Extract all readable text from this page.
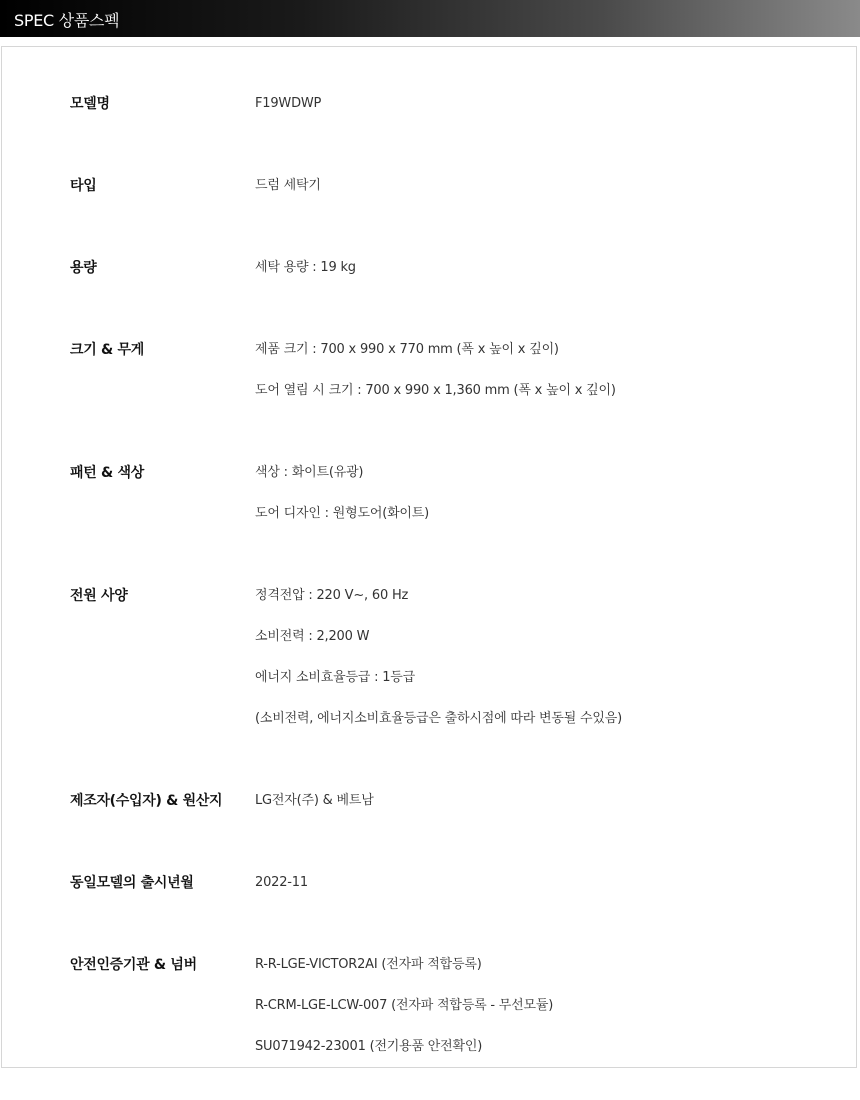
SPEC 상품스펙
모델명	F19WDWP
타입	드럼 세탁기
용량	세탁 용량 : 19 kg
크기 & 무게	제품 크기 : 700 x 990 x 770 mm (폭 x 높이 x 깊이)
도어 열림 시 크기 : 700 x 990 x 1,360 mm (폭 x 높이 x 깊이)
패턴 & 색상	색상 : 화이트(유광)
도어 디자인 : 원형도어(화이트)
전원 사양	정격전압 : 220 V~, 60 Hz
소비전력 : 2,200 W
에너지 소비효율등급 : 1등급
(소비전력, 에너지소비효율등급은 출하시점에 따라 변동될 수있음)
제조자(수입자) & 원산지	LG전자(주) & 베트남
동일모델의 출시년월	2022-11
안전인증기관 & 넘버	R-R-LGE-VICTOR2AI (전자파 적합등록)
R-CRM-LGE-LCW-007 (전자파 적합등록 - 무선모듈)
SU071942-23001 (전기용품 안전확인)
